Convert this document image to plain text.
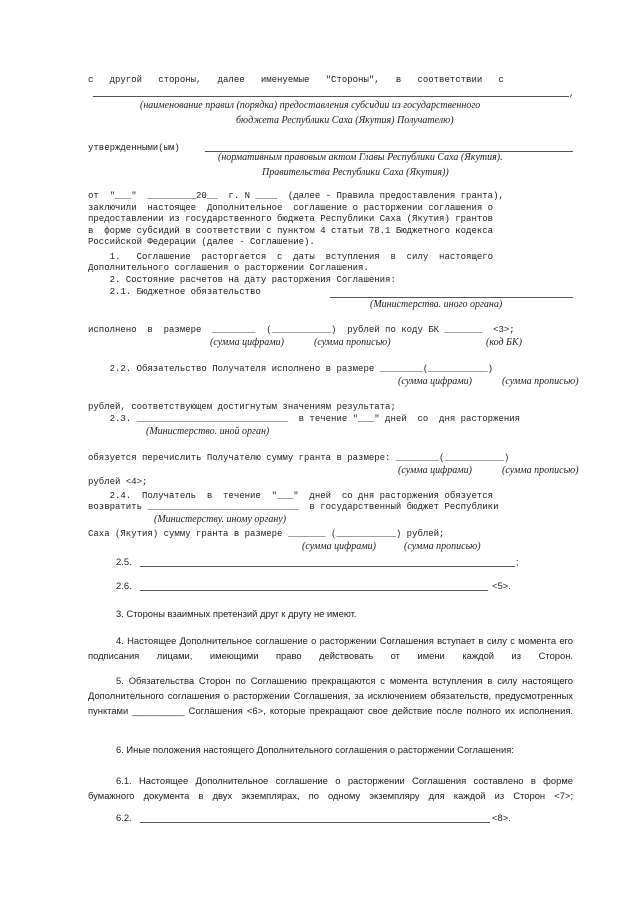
с   другой   стороны,   далее   именуемые   "Стороны",   в   соответствии   с
,
(наименование правил (порядка) предоставления субсидии из государственного
бюджета Республики Саха (Якутия) Получателю)
утвержденными(ым)
(нормативным правовым актом Главы Республики Саха (Якутия).
Правительства Республики Саха (Якутия))
от  "___"  _________20__  г. N ____  (далее - Правила предоставления гранта),
заключили  настоящее  Дополнительное  соглашение о расторжении соглашения о
предоставлении из государственного бюджета Республики Саха (Якутия) грантов
в  форме субсидий в соответствии с пунктом 4 статьи 78.1 Бюджетного кодекса
Российской Федерации (далее - Соглашение).
1.   Соглашение  расторгается  с  даты  вступления  в  силу  настоящего
Дополнительного соглашения о расторжении Соглашения.
2. Состояние расчетов на дату расторжения Соглашения:
2.1. Бюджетное обязательство
(Министерства. иного органа)
исполнено  в  размере  ________  (___________)  рублей по коду БК _______  <3>;
(сумма цифрами)	(сумма прописью)	(код БК)
2.2. Обязательство Получателя исполнено в размере ________(___________)
(сумма цифрами)	(сумма прописью)
рублей, соответствующем достигнутым значениям результата;
2.3. ____________________________  в течение "___" дней  со  дня расторжения
(Министерство. иной орган)
обязуется перечислить Получателю сумму гранта в размере: ________(___________)
(сумма цифрами)	(сумма прописью)
рублей <4>;
2.4.  Получатель  в  течение  "___"  дней  со дня расторжения обязуется
возвратить ____________________________  в государственный бюджет Республики
(Министерству. иному органу)
Саха (Якутия) сумму гранта в размере _______ (___________) рублей;
(сумма цифрами)	(сумма прописью)
2.5.	;
2.6.	<5>.
3. Стороны взаимных претензий друг к другу не имеют.
4. Настоящее Дополнительное соглашение о расторжении Соглашения вступает в силу с момента его подписания лицами, имеющими право действовать от имени каждой из Сторон.
5. Обязательства Сторон по Соглашению прекращаются с момента вступления в силу настоящего Дополнительного соглашения о расторжении Соглашения, за исключением обязательств, предусмотренных пунктами __________ Соглашения <6>, которые прекращают свое действие после полного их исполнения.
6. Иные положения настоящего Дополнительного соглашения о расторжении Соглашения:
6.1. Настоящее Дополнительное соглашение о расторжении Соглашения составлено в форме бумажного документа в двух экземплярах, по одному экземпляру для каждой из Сторон <7>;
6.2.	<8>.
